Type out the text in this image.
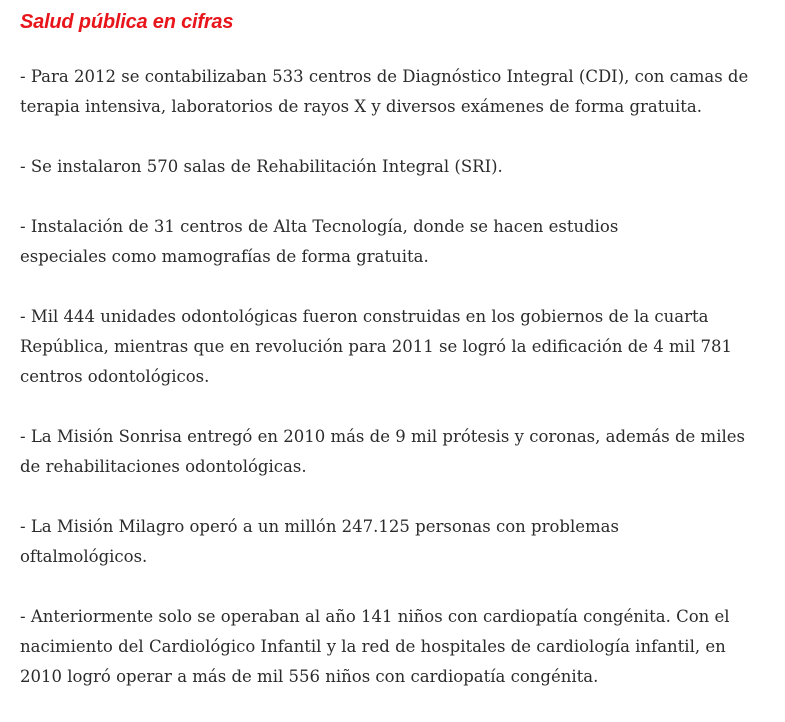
Salud pública en cifras

- Para 2012 se contabilizaban 533 centros de Diagnóstico Integral (CDI), con camas de
terapia intensiva, laboratorios de rayos X y diversos exámenes de forma gratuita.

- Se instalaron 570 salas de Rehabilitación Integral (SRI).

- Instalación de 31 centros de Alta Tecnología, donde se hacen estudios
especiales como mamografías de forma gratuita.

- Mil 444 unidades odontológicas fueron construidas en los gobiernos de la cuarta
República, mientras que en revolución para 2011 se logró la edificación de 4 mil 781
centros odontológicos.

- La Misión Sonrisa entregó en 2010 más de 9 mil prótesis y coronas, además de miles
de rehabilitaciones odontológicas.

- La Misión Milagro operó a un millón 247.125 personas con problemas
oftalmológicos.

- Anteriormente solo se operaban al año 141 niños con cardiopatía congénita. Con el
nacimiento del Cardiológico Infantil y la red de hospitales de cardiología infantil, en
2010 logró operar a más de mil 556 niños con cardiopatía congénita.
